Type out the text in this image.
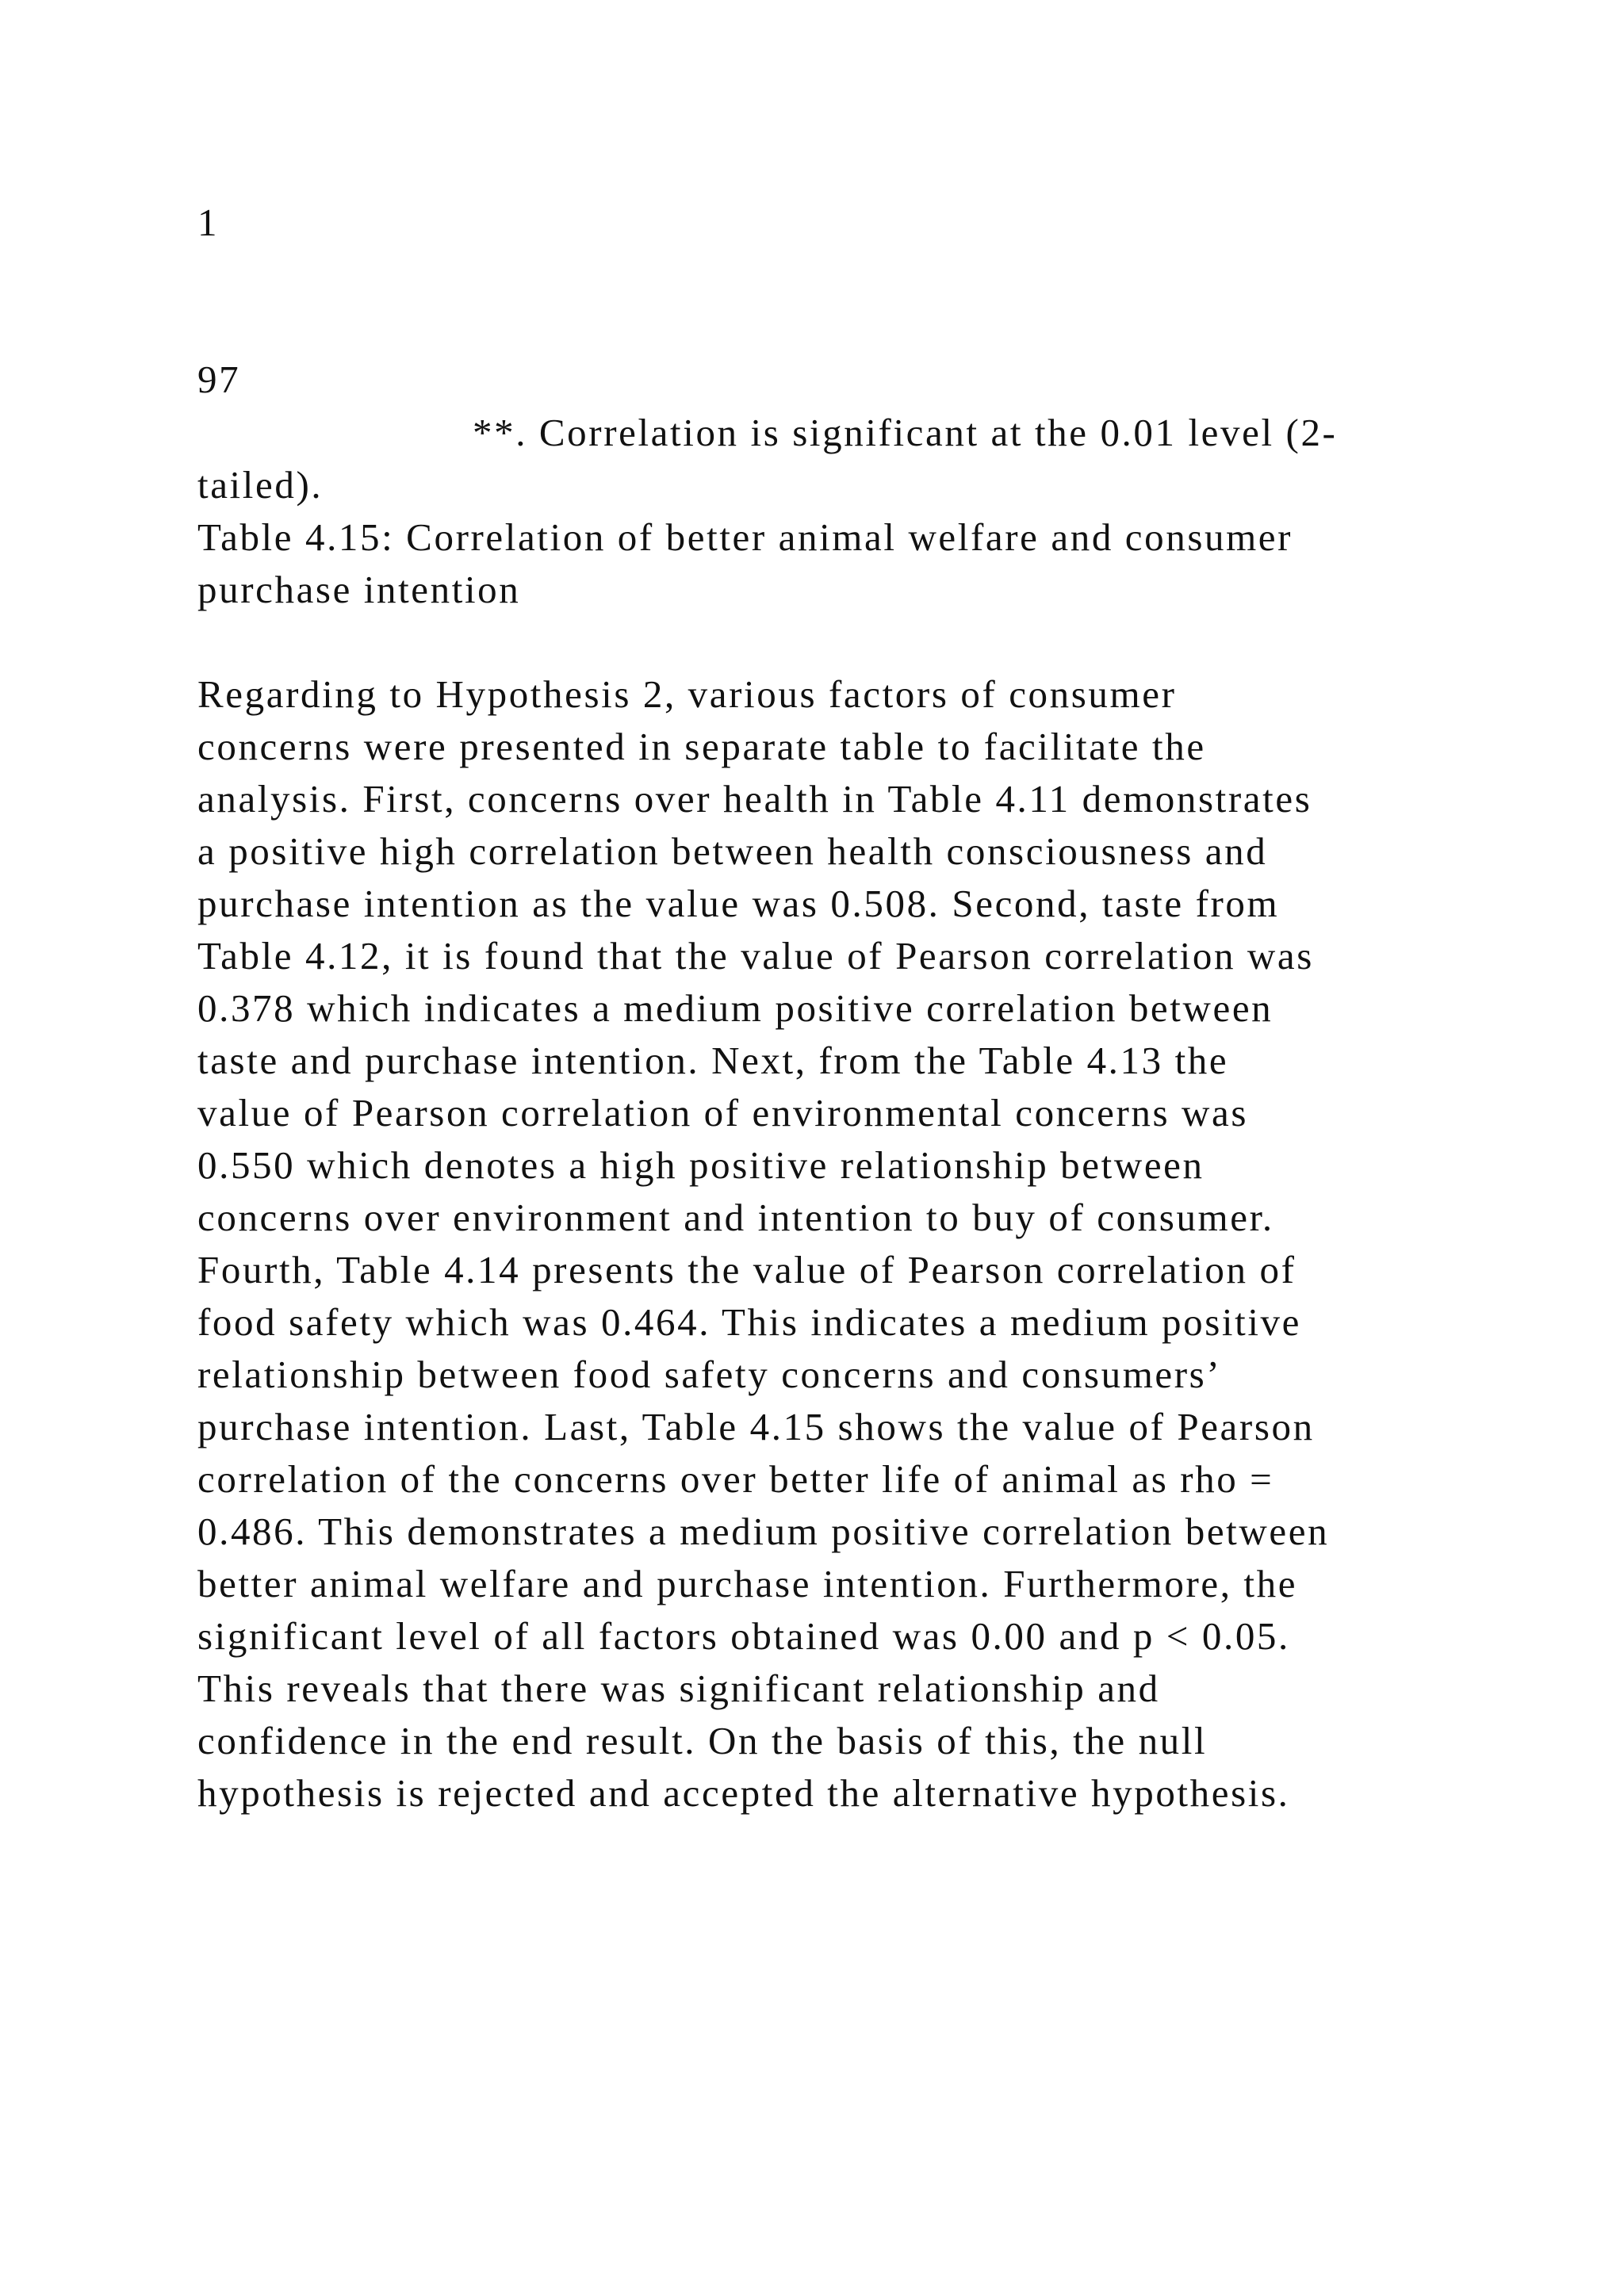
1
97
**. Correlation is significant at the 0.01 level (2-
tailed).
Table 4.15: Correlation of better animal welfare and consumer
purchase intention
Regarding to Hypothesis 2, various factors of consumer
concerns were presented in separate table to facilitate the
analysis. First, concerns over health in Table 4.11 demonstrates
a positive high correlation between health consciousness and
purchase intention as the value was 0.508. Second, taste from
Table 4.12, it is found that the value of Pearson correlation was
0.378 which indicates a medium positive correlation between
taste and purchase intention. Next, from the Table 4.13 the
value of Pearson correlation of environmental concerns was
0.550 which denotes a high positive relationship between
concerns over environment and intention to buy of consumer.
Fourth, Table 4.14 presents the value of Pearson correlation of
food safety which was 0.464. This indicates a medium positive
relationship between food safety concerns and consumers’
purchase intention. Last, Table 4.15 shows the value of Pearson
correlation of the concerns over better life of animal as rho =
0.486. This demonstrates a medium positive correlation between
better animal welfare and purchase intention. Furthermore, the
significant level of all factors obtained was 0.00 and p < 0.05.
This reveals that there was significant relationship and
confidence in the end result. On the basis of this, the null
hypothesis is rejected and accepted the alternative hypothesis.
